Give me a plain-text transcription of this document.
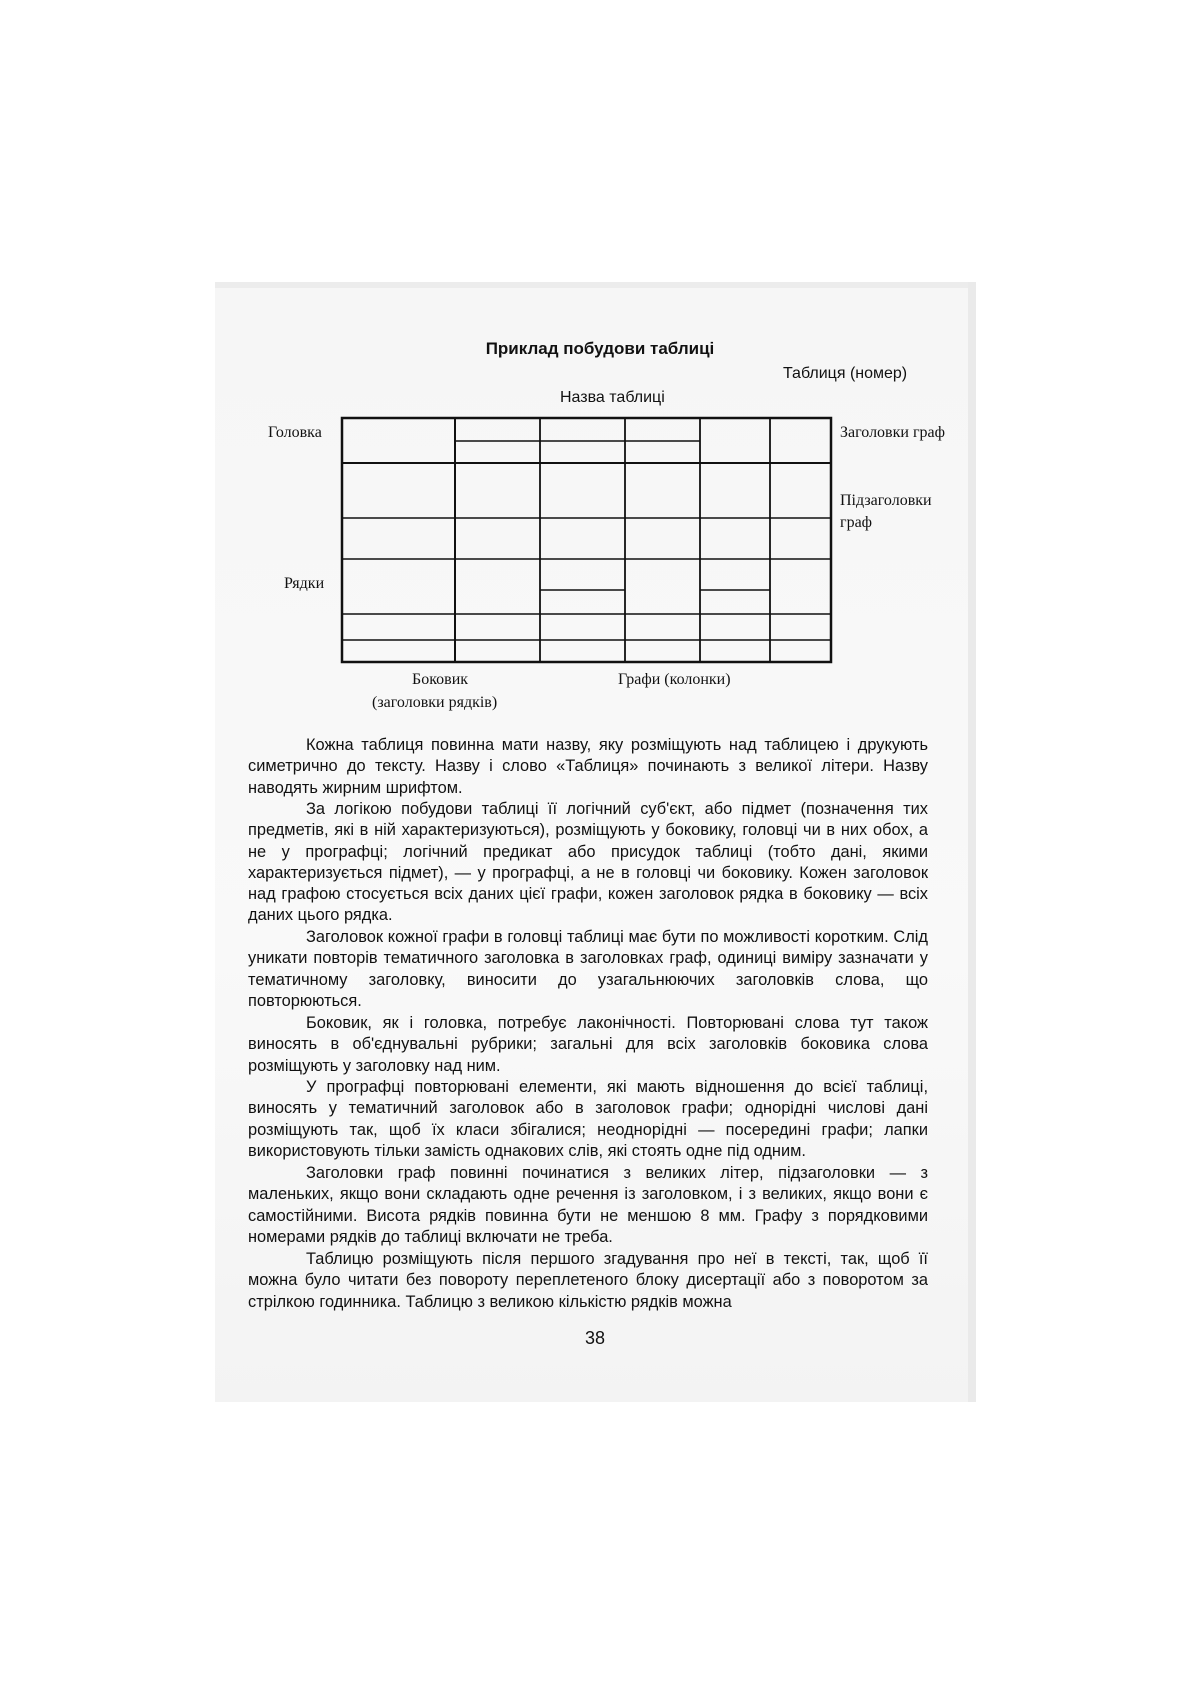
Приклад побудови таблиці
Таблиця (номер)
Назва таблиці
Головка	Заголовки граф
Підзаголовки граф
Рядки
Боковик
(заголовки рядків)
Графи (колонки)

Кожна таблиця повинна мати назву, яку розміщують над таблицею і друкують симетрично до тексту. Назву і слово «Таблиця» починають з великої літери. Назву наводять жирним шрифтом.

За логікою побудови таблиці її логічний суб'єкт, або підмет (позначення тих предметів, які в ній характеризуються), розміщують у боковику, головці чи в них обох, а не у прографці; логічний предикат або присудок таблиці (тобто дані, якими характеризується підмет), — у прографці, а не в головці чи боковику. Кожен заголовок над графою стосується всіх даних цієї графи, кожен заголовок рядка в боковику — всіх даних цього рядка.

Заголовок кожної графи в головці таблиці має бути по можливості коротким. Слід уникати повторів тематичного заголовка в заголовках граф, одиниці виміру зазначати у тематичному заголовку, виносити до узагальнюючих заголовків слова, що повторюються.

Боковик, як і головка, потребує лаконічності. Повторювані слова тут також виносять в об'єднувальні рубрики; загальні для всіх заголовків боковика слова розміщують у заголовку над ним.

У прографці повторювані елементи, які мають відношення до всієї таблиці, виносять у тематичний заголовок або в заголовок графи; однорідні числові дані розміщують так, щоб їх класи збігалися; неоднорідні — посередині графи; лапки використовують тільки замість однакових слів, які стоять одне під одним.

Заголовки граф повинні починатися з великих літер, підзаголовки — з маленьких, якщо вони складають одне речення із заголовком, і з великих, якщо вони є самостійними. Висота рядків повинна бути не меншою 8 мм. Графу з порядковими номерами рядків до таблиці включати не треба.

Таблицю розміщують після першого згадування про неї в тексті, так, щоб її можна було читати без повороту переплетеного блоку дисертації або з поворотом за стрілкою годинника. Таблицю з великою кількістю рядків можна

38
